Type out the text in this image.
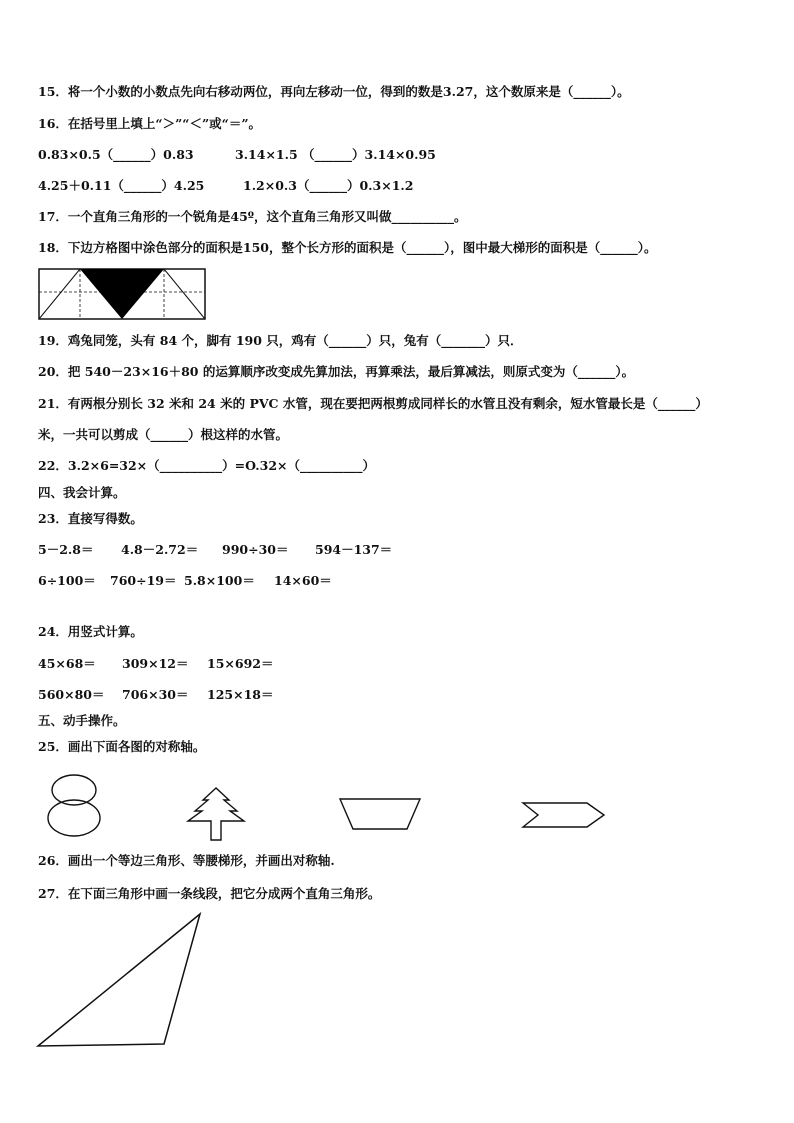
15．将一个小数的小数点先向右移动两位，再向左移动一位，得到的数是3.27，这个数原来是（______）。
16．在括号里上填上“＞”“＜”或“＝”。
0.83×0.5（______）0.83	3.14×1.5 （______）3.14×0.95
4.25＋0.11（______）4.25	1.2×0.3（______）0.3×1.2
17．一个直角三角形的一个锐角是45º，这个直角三角形又叫做__________。
18．下边方格图中涂色部分的面积是150，整个长方形的面积是（______），图中最大梯形的面积是（______）。
19．鸡兔同笼，头有 84 个，脚有 190 只，鸡有（______）只，兔有（_______）只．
20．把 540－23×16＋80 的运算顺序改变成先算加法，再算乘法，最后算减法，则原式变为（______）。
21．有两根分别长 32 米和 24 米的 PVC 水管，现在要把两根剪成同样长的水管且没有剩余，短水管最长是（______）
米，一共可以剪成（______）根这样的水管。
22．3.2×6=32×（__________）=O.32×（__________）
四、我会计算。
23．直接写得数。
5－2.8＝ 4.8－2.72＝ 990÷30＝ 594－137＝
6÷100＝ 760÷19＝ 5.8×100＝ 14×60＝
24．用竖式计算。
45×68＝ 309×12＝ 15×692＝
560×80＝ 706×30＝ 125×18＝
五、动手操作。
25．画出下面各图的对称轴。
26．画出一个等边三角形、等腰梯形，并画出对称轴.
27．在下面三角形中画一条线段，把它分成两个直角三角形。
